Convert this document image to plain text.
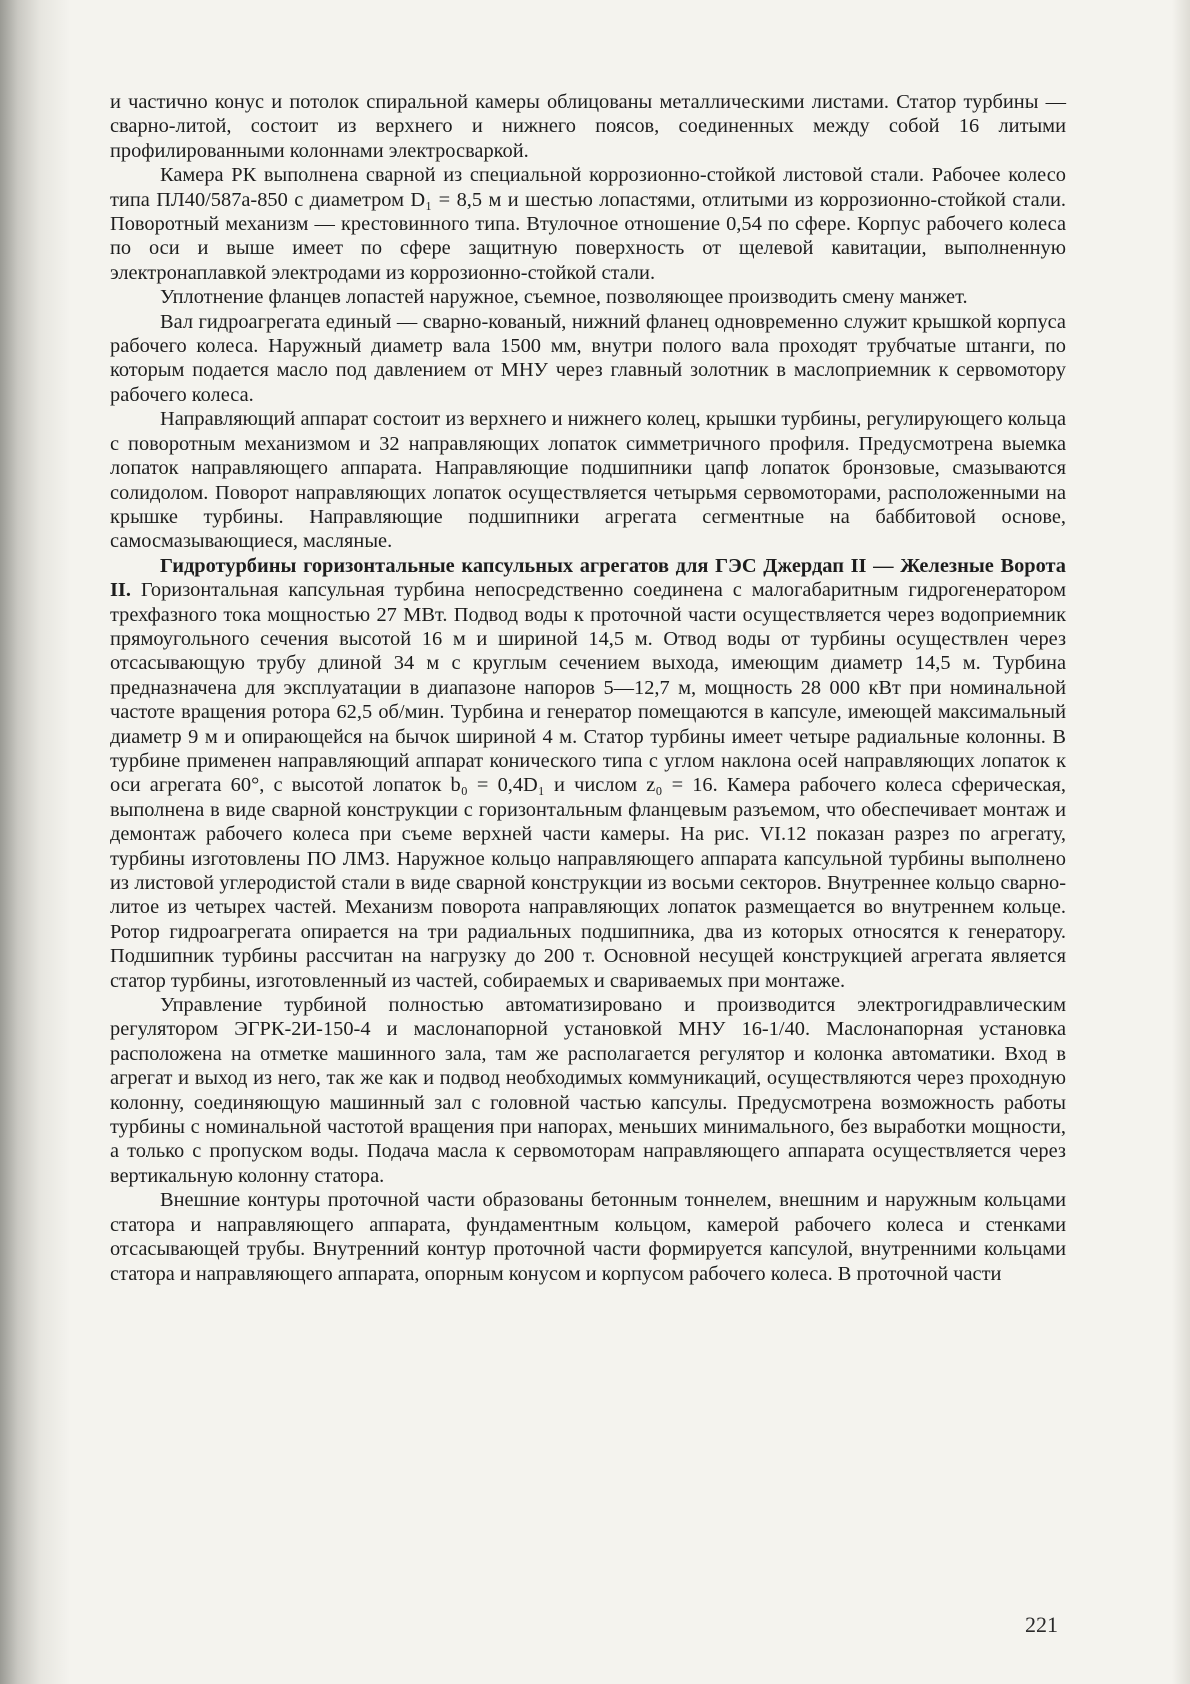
и частично конус и потолок спиральной камеры облицованы металлическими листами. Статор турбины — сварно-литой, состоит из верхнего и нижнего поясов, соединенных между собой 16 литыми профилированными колоннами электросваркой.

Камера РК выполнена сварной из специальной коррозионно-стойкой листовой стали. Рабочее колесо типа ПЛ40/587а-850 с диаметром D₁ = 8,5 м и шестью лопастями, отлитыми из коррозионно-стойкой стали. Поворотный механизм — крестовинного типа. Втулочное отношение 0,54 по сфере. Корпус рабочего колеса по оси и выше имеет по сфере защитную поверхность от щелевой кавитации, выполненную электронаплавкой электродами из коррозионно-стойкой стали.

Уплотнение фланцев лопастей наружное, съемное, позволяющее производить смену манжет.

Вал гидроагрегата единый — сварно-кованый, нижний фланец одновременно служит крышкой корпуса рабочего колеса. Наружный диаметр вала 1500 мм, внутри полого вала проходят трубчатые штанги, по которым подается масло под давлением от МНУ через главный золотник в маслоприемник к сервомотору рабочего колеса.

Направляющий аппарат состоит из верхнего и нижнего колец, крышки турбины, регулирующего кольца с поворотным механизмом и 32 направляющих лопаток симметричного профиля. Предусмотрена выемка лопаток направляющего аппарата. Направляющие подшипники цапф лопаток бронзовые, смазываются солидолом. Поворот направляющих лопаток осуществляется четырьмя сервомоторами, расположенными на крышке турбины. Направляющие подшипники агрегата сегментные на баббитовой основе, самосмазывающиеся, масляные.

Гидротурбины горизонтальные капсульных агрегатов для ГЭС Джердап II — Железные Ворота II. Горизонтальная капсульная турбина непосредственно соединена с малогабаритным гидрогенератором трехфазного тока мощностью 27 МВт. Подвод воды к проточной части осуществляется через водоприемник прямоугольного сечения высотой 16 м и шириной 14,5 м. Отвод воды от турбины осуществлен через отсасывающую трубу длиной 34 м с круглым сечением выхода, имеющим диаметр 14,5 м. Турбина предназначена для эксплуатации в диапазоне напоров 5—12,7 м, мощность 28 000 кВт при номинальной частоте вращения ротора 62,5 об/мин. Турбина и генератор помещаются в капсуле, имеющей максимальный диаметр 9 м и опирающейся на бычок шириной 4 м. Статор турбины имеет четыре радиальные колонны. В турбине применен направляющий аппарат конического типа с углом наклона осей направляющих лопаток к оси агрегата 60°, с высотой лопаток b₀ = 0,4D₁ и числом z₀ = 16. Камера рабочего колеса сферическая, выполнена в виде сварной конструкции с горизонтальным фланцевым разъемом, что обеспечивает монтаж и демонтаж рабочего колеса при съеме верхней части камеры. На рис. VI.12 показан разрез по агрегату, турбины изготовлены ПО ЛМЗ. Наружное кольцо направляющего аппарата капсульной турбины выполнено из листовой углеродистой стали в виде сварной конструкции из восьми секторов. Внутреннее кольцо сварно-литое из четырех частей. Механизм поворота направляющих лопаток размещается во внутреннем кольце. Ротор гидроагрегата опирается на три радиальных подшипника, два из которых относятся к генератору. Подшипник турбины рассчитан на нагрузку до 200 т. Основной несущей конструкцией агрегата является статор турбины, изготовленный из частей, собираемых и свариваемых при монтаже.

Управление турбиной полностью автоматизировано и производится электрогидравлическим регулятором ЭГРК-2И-150-4 и маслонапорной установкой МНУ 16-1/40. Маслонапорная установка расположена на отметке машинного зала, там же располагается регулятор и колонка автоматики. Вход в агрегат и выход из него, так же как и подвод необходимых коммуникаций, осуществляются через проходную колонну, соединяющую машинный зал с головной частью капсулы. Предусмотрена возможность работы турбины с номинальной частотой вращения при напорах, меньших минимального, без выработки мощности, а только с пропуском воды. Подача масла к сервомоторам направляющего аппарата осуществляется через вертикальную колонну статора.

Внешние контуры проточной части образованы бетонным тоннелем, внешним и наружным кольцами статора и направляющего аппарата, фундаментным кольцом, камерой рабочего колеса и стенками отсасывающей трубы. Внутренний контур проточной части формируется капсулой, внутренними кольцами статора и направляющего аппарата, опорным конусом и корпусом рабочего колеса. В проточной части

221
